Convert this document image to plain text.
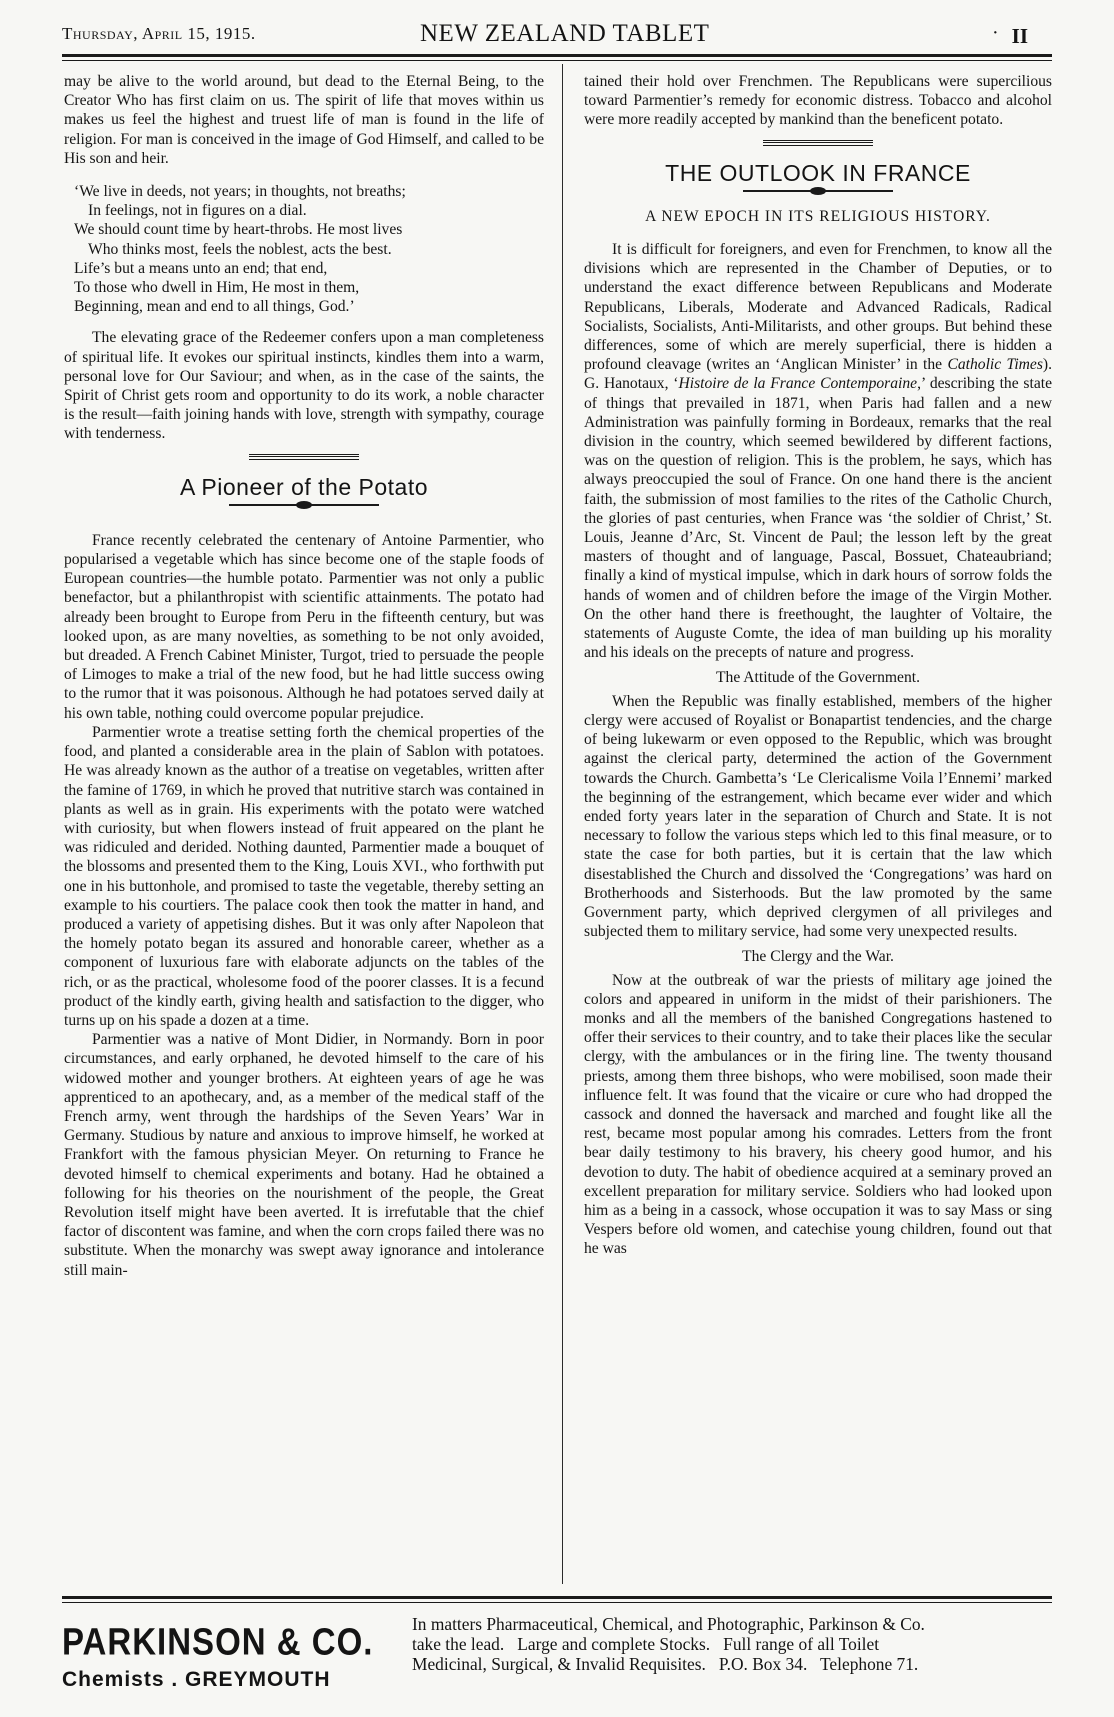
Thursday, April 15, 1915.	NEW ZEALAND TABLET	· II

may be alive to the world around, but dead to the Eternal Being, to the Creator Who has first claim on us. The spirit of life that moves within us makes us feel the highest and truest life of man is found in the life of religion. For man is conceived in the image of God Himself, and called to be His son and heir.

‘We live in deeds, not years; in thoughts, not breaths;
In feelings, not in figures on a dial.
We should count time by heart-throbs. He most lives
Who thinks most, feels the noblest, acts the best.
Life’s but a means unto an end; that end,
To those who dwell in Him, He most in them,
Beginning, mean and end to all things, God.’

The elevating grace of the Redeemer confers upon a man completeness of spiritual life. It evokes our spiritual instincts, kindles them into a warm, personal love for Our Saviour; and when, as in the case of the saints, the Spirit of Christ gets room and opportunity to do its work, a noble character is the result—faith joining hands with love, strength with sympathy, courage with tenderness.

A Pioneer of the Potato

France recently celebrated the centenary of Antoine Parmentier, who popularised a vegetable which has since become one of the staple foods of European countries—the humble potato. Parmentier was not only a public benefactor, but a philanthropist with scientific attainments. The potato had already been brought to Europe from Peru in the fifteenth century, but was looked upon, as are many novelties, as something to be not only avoided, but dreaded. A French Cabinet Minister, Turgot, tried to persuade the people of Limoges to make a trial of the new food, but he had little success owing to the rumor that it was poisonous. Although he had potatoes served daily at his own table, nothing could overcome popular prejudice.

Parmentier wrote a treatise setting forth the chemical properties of the food, and planted a considerable area in the plain of Sablon with potatoes. He was already known as the author of a treatise on vegetables, written after the famine of 1769, in which he proved that nutritive starch was contained in plants as well as in grain. His experiments with the potato were watched with curiosity, but when flowers instead of fruit appeared on the plant he was ridiculed and derided. Nothing daunted, Parmentier made a bouquet of the blossoms and presented them to the King, Louis XVI., who forthwith put one in his buttonhole, and promised to taste the vegetable, thereby setting an example to his courtiers. The palace cook then took the matter in hand, and produced a variety of appetising dishes. But it was only after Napoleon that the homely potato began its assured and honorable career, whether as a component of luxurious fare with elaborate adjuncts on the tables of the rich, or as the practical, wholesome food of the poorer classes. It is a fecund product of the kindly earth, giving health and satisfaction to the digger, who turns up on his spade a dozen at a time.

Parmentier was a native of Mont Didier, in Normandy. Born in poor circumstances, and early orphaned, he devoted himself to the care of his widowed mother and younger brothers. At eighteen years of age he was apprenticed to an apothecary, and, as a member of the medical staff of the French army, went through the hardships of the Seven Years’ War in Germany. Studious by nature and anxious to improve himself, he worked at Frankfort with the famous physician Meyer. On returning to France he devoted himself to chemical experiments and botany. Had he obtained a following for his theories on the nourishment of the people, the Great Revolution itself might have been averted. It is irrefutable that the chief factor of discontent was famine, and when the corn crops failed there was no substitute. When the monarchy was swept away ignorance and intolerance still main-

tained their hold over Frenchmen. The Republicans were supercilious toward Parmentier’s remedy for economic distress. Tobacco and alcohol were more readily accepted by mankind than the beneficent potato.

THE OUTLOOK IN FRANCE
A NEW EPOCH IN ITS RELIGIOUS HISTORY.

It is difficult for foreigners, and even for Frenchmen, to know all the divisions which are represented in the Chamber of Deputies, or to understand the exact difference between Republicans and Moderate Republicans, Liberals, Moderate and Advanced Radicals, Radical Socialists, Socialists, Anti-Militarists, and other groups. But behind these differences, some of which are merely superficial, there is hidden a profound cleavage (writes an ‘Anglican Minister’ in the Catholic Times). G. Hanotaux, ‘Histoire de la France Contemporaine,’ describing the state of things that prevailed in 1871, when Paris had fallen and a new Administration was painfully forming in Bordeaux, remarks that the real division in the country, which seemed bewildered by different factions, was on the question of religion. This is the problem, he says, which has always preoccupied the soul of France. On one hand there is the ancient faith, the submission of most families to the rites of the Catholic Church, the glories of past centuries, when France was ‘the soldier of Christ,’ St. Louis, Jeanne d’Arc, St. Vincent de Paul; the lesson left by the great masters of thought and of language, Pascal, Bossuet, Chateaubriand; finally a kind of mystical impulse, which in dark hours of sorrow folds the hands of women and of children before the image of the Virgin Mother. On the other hand there is freethought, the laughter of Voltaire, the statements of Auguste Comte, the idea of man building up his morality and his ideals on the precepts of nature and progress.

The Attitude of the Government.

When the Republic was finally established, members of the higher clergy were accused of Royalist or Bonapartist tendencies, and the charge of being lukewarm or even opposed to the Republic, which was brought against the clerical party, determined the action of the Government towards the Church. Gambetta’s ‘Le Clericalisme Voila l’Ennemi’ marked the beginning of the estrangement, which became ever wider and which ended forty years later in the separation of Church and State. It is not necessary to follow the various steps which led to this final measure, or to state the case for both parties, but it is certain that the law which disestablished the Church and dissolved the ‘Congregations’ was hard on Brotherhoods and Sisterhoods. But the law promoted by the same Government party, which deprived clergymen of all privileges and subjected them to military service, had some very unexpected results.

The Clergy and the War.

Now at the outbreak of war the priests of military age joined the colors and appeared in uniform in the midst of their parishioners. The monks and all the members of the banished Congregations hastened to offer their services to their country, and to take their places like the secular clergy, with the ambulances or in the firing line. The twenty thousand priests, among them three bishops, who were mobilised, soon made their influence felt. It was found that the vicaire or cure who had dropped the cassock and donned the haversack and marched and fought like all the rest, became most popular among his comrades. Letters from the front bear daily testimony to his bravery, his cheery good humor, and his devotion to duty. The habit of obedience acquired at a seminary proved an excellent preparation for military service. Soldiers who had looked upon him as a being in a cassock, whose occupation it was to say Mass or sing Vespers before old women, and catechise young children, found out that he was

PARKINSON & CO.
Chemists . GREYMOUTH
In matters Pharmaceutical, Chemical, and Photographic, Parkinson & Co.
take the lead.   Large and complete Stocks.   Full range of all Toilet
Medicinal, Surgical, & Invalid Requisites.   P.O. Box 34.   Telephone 71.
